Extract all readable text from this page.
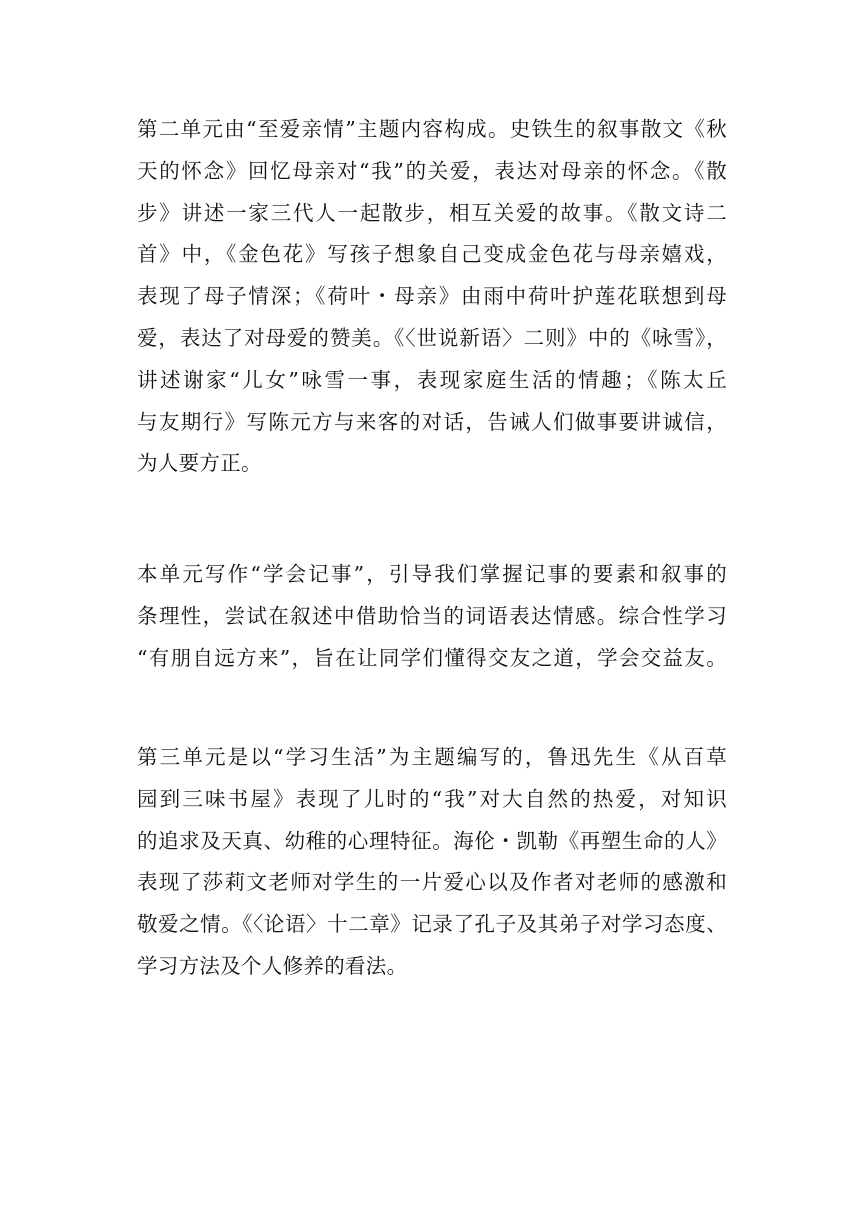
第二单元由“至爱亲情”主题内容构成。史铁生的叙事散文《秋
天的怀念》回忆母亲对“我”的关爱，表达对母亲的怀念。《散
步》讲述一家三代人一起散步，相互关爱的故事。《散文诗二
首》中，《金色花》写孩子想象自己变成金色花与母亲嬉戏，
表现了母子情深；《荷叶・母亲》由雨中荷叶护莲花联想到母
爱，表达了对母爱的赞美。《〈世说新语〉二则》中的《咏雪》，
讲述谢家“儿女”咏雪一事，表现家庭生活的情趣；《陈太丘
与友期行》写陈元方与来客的对话，告诫人们做事要讲诚信，
为人要方正。

本单元写作“学会记事”，引导我们掌握记事的要素和叙事的
条理性，尝试在叙述中借助恰当的词语表达情感。综合性学习
“有朋自远方来”，旨在让同学们懂得交友之道，学会交益友。

第三单元是以“学习生活”为主题编写的，鲁迅先生《从百草
园到三味书屋》表现了儿时的“我”对大自然的热爱，对知识
的追求及天真、幼稚的心理特征。海伦・凯勒《再塑生命的人》
表现了莎莉文老师对学生的一片爱心以及作者对老师的感激和
敬爱之情。《〈论语〉十二章》记录了孔子及其弟子对学习态度、
学习方法及个人修养的看法。
